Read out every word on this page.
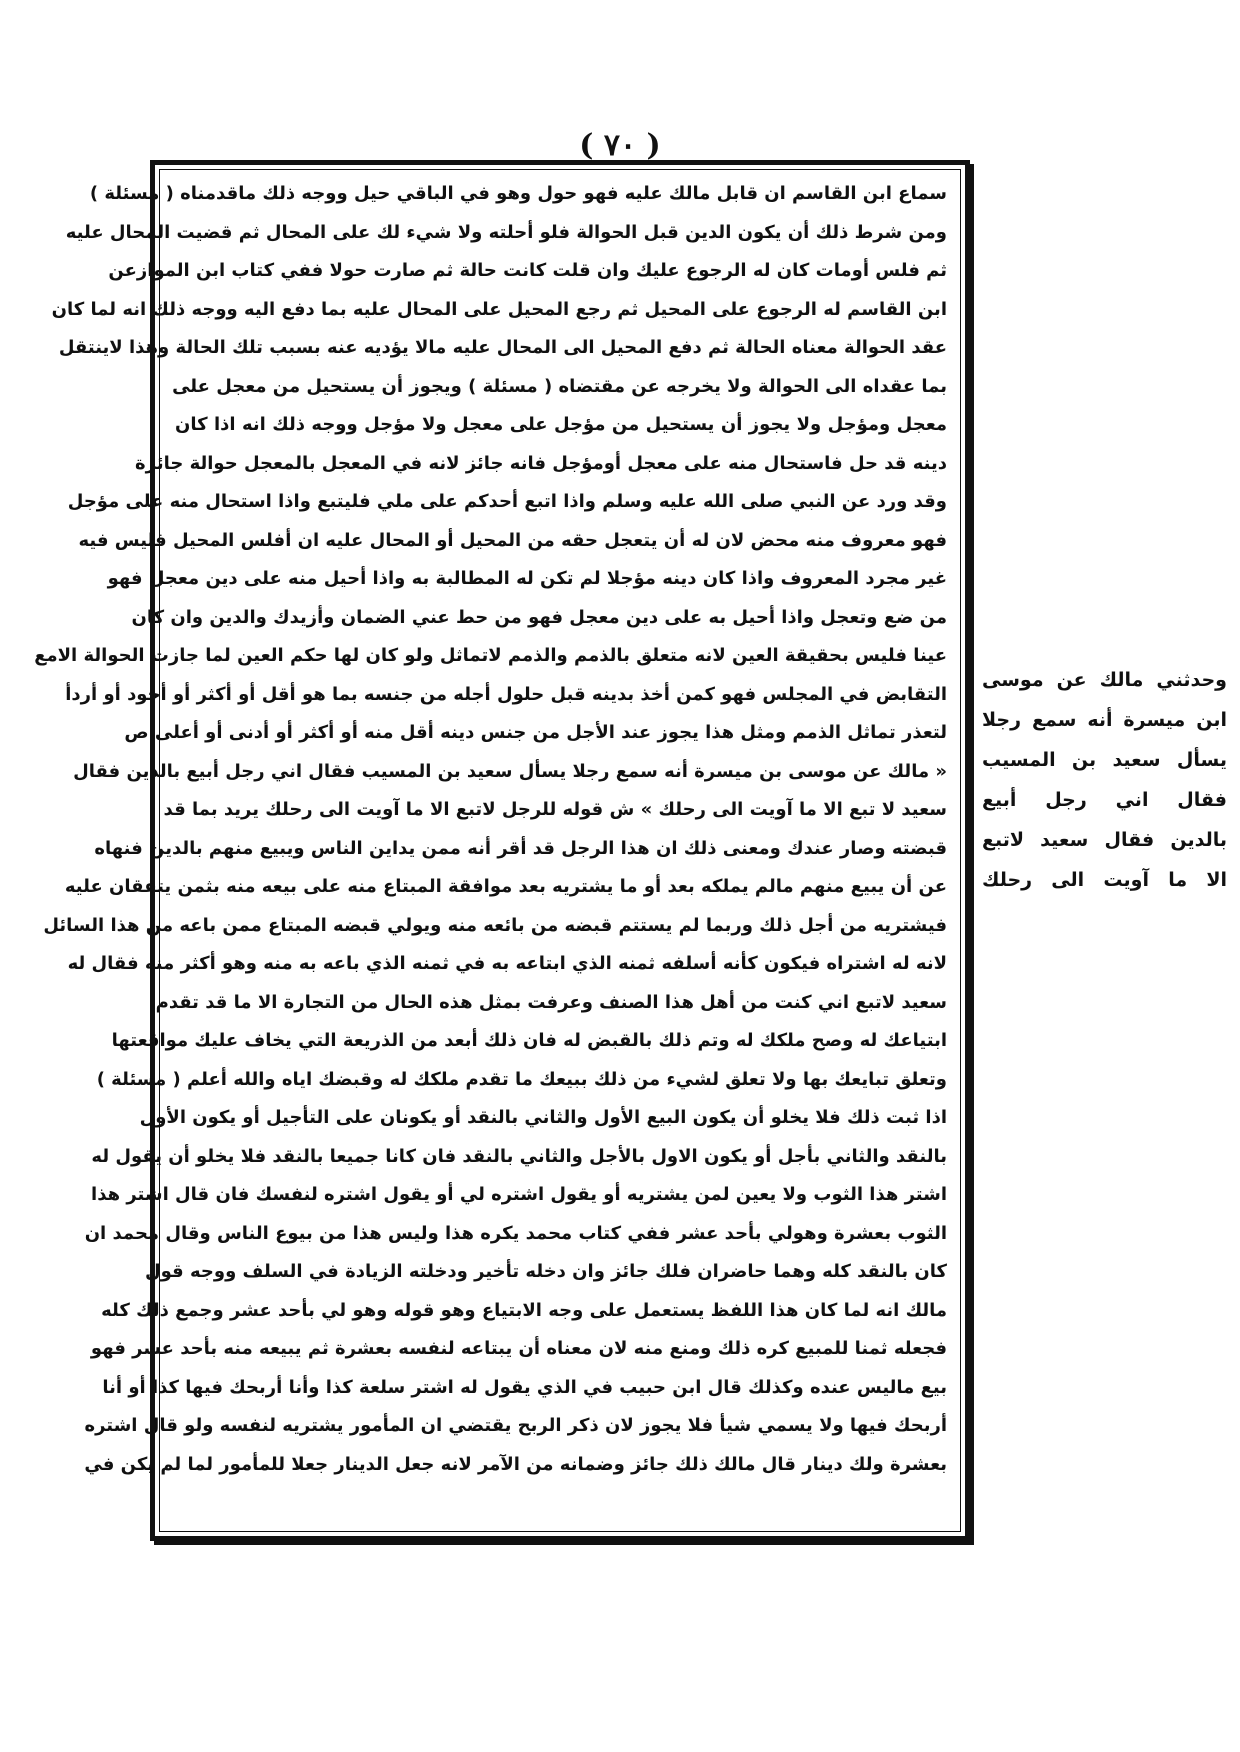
( ٧٠ )
سماع ابن القاسم ان قابل مالك عليه فهو حول وهو في الباقي حيل ووجه ذلك ماقدمناه ( مسئلة )
ومن شرط ذلك أن يكون الدين قبل الحوالة فلو أحلته ولا شيء لك على المحال ثم قضيت المحال عليه
ثم فلس أومات كان له الرجوع عليك وان قلت كانت حالة ثم صارت حولا ففي كتاب ابن الموازعن
ابن القاسم له الرجوع على المحيل ثم رجع المحيل على المحال عليه بما دفع اليه ووجه ذلك انه لما كان
عقد الحوالة معناه الحالة ثم دفع المحيل الى المحال عليه مالا يؤديه عنه بسبب تلك الحالة وهذا لاينتقل
بما عقداه الى الحوالة ولا يخرجه عن مقتضاه ( مسئلة ) ويجوز أن يستحيل من معجل على
معجل ومؤجل ولا يجوز أن يستحيل من مؤجل على معجل ولا مؤجل ووجه ذلك انه اذا كان
دينه قد حل فاستحال منه على معجل أومؤجل فانه جائز لانه في المعجل بالمعجل حوالة جائزة
وقد ورد عن النبي صلى الله عليه وسلم واذا اتبع أحدكم على ملي فليتبع واذا استحال منه على مؤجل
فهو معروف منه محض لان له أن يتعجل حقه من المحيل أو المحال عليه ان أفلس المحيل فليس فيه
غير مجرد المعروف واذا كان دينه مؤجلا لم تكن له المطالبة به واذا أحيل منه على دين معجل فهو
من ضع وتعجل واذا أحيل به على دين معجل فهو من حط عني الضمان وأزيدك والدين وان كان
عينا فليس بحقيقة العين لانه متعلق بالذمم والذمم لاتماثل ولو كان لها حكم العين لما جازت الحوالة الامع
التقابض في المجلس فهو كمن أخذ بدينه قبل حلول أجله من جنسه بما هو أقل أو أكثر أو أجود أو أردأ
لتعذر تماثل الذمم ومثل هذا يجوز عند الأجل من جنس دينه أقل منه أو أكثر أو أدنى أو أعلى ص
« مالك عن موسى بن ميسرة أنه سمع رجلا يسأل سعيد بن المسيب فقال اني رجل أبيع بالدين فقال
سعيد لا تبع الا ما آويت الى رحلك » ش قوله للرجل لاتبع الا ما آويت الى رحلك يريد بما قد
قبضته وصار عندك ومعنى ذلك ان هذا الرجل قد أقر أنه ممن يداين الناس ويبيع منهم بالدين فنهاه
عن أن يبيع منهم مالم يملكه بعد أو ما يشتريه بعد موافقة المبتاع منه على بيعه منه بثمن يتفقان عليه
فيشتريه من أجل ذلك وربما لم يستتم قبضه من بائعه منه ويولي قبضه المبتاع ممن باعه من هذا السائل
لانه له اشتراه فيكون كأنه أسلفه ثمنه الذي ابتاعه به في ثمنه الذي باعه به منه وهو أكثر منه فقال له
سعيد لاتبع اني كنت من أهل هذا الصنف وعرفت بمثل هذه الحال من التجارة الا ما قد تقدم
ابتياعك له وصح ملكك له وتم ذلك بالقبض له فان ذلك أبعد من الذريعة التي يخاف عليك مواقعتها
وتعلق تبايعك بها ولا تعلق لشيء من ذلك ببيعك ما تقدم ملكك له وقبضك اياه والله أعلم ( مسئلة )
اذا ثبت ذلك فلا يخلو أن يكون البيع الأول والثاني بالنقد أو يكونان على التأجيل أو يكون الأول
بالنقد والثاني بأجل أو يكون الاول بالأجل والثاني بالنقد فان كانا جميعا بالنقد فلا يخلو أن يقول له
اشتر هذا الثوب ولا يعين لمن يشتريه أو يقول اشتره لي أو يقول اشتره لنفسك فان قال اشتر هذا
الثوب بعشرة وهولي بأحد عشر ففي كتاب محمد يكره هذا وليس هذا من بيوع الناس وقال محمد ان
كان بالنقد كله وهما حاضران فلك جائز وان دخله تأخير ودخلته الزيادة في السلف ووجه قول
مالك انه لما كان هذا اللفظ يستعمل على وجه الابتياع وهو قوله وهو لي بأحد عشر وجمع ذلك كله
فجعله ثمنا للمبيع كره ذلك ومنع منه لان معناه أن يبتاعه لنفسه بعشرة ثم يبيعه منه بأحد عشر فهو
بيع ماليس عنده وكذلك قال ابن حبيب في الذي يقول له اشتر سلعة كذا وأنا أربحك فيها كذا أو أنا
أربحك فيها ولا يسمي شيأ فلا يجوز لان ذكر الربح يقتضي ان المأمور يشتريه لنفسه ولو قال اشتره
بعشرة ولك دينار قال مالك ذلك جائز وضمانه من الآمر لانه جعل الدينار جعلا للمأمور لما لم يكن في
وحدثني مالك عن موسى
ابن ميسرة أنه سمع رجلا
يسأل سعيد بن المسيب
فقال اني رجل أبيع
بالدين فقال سعيد لاتبع
الا ما آويت الى رحلك
